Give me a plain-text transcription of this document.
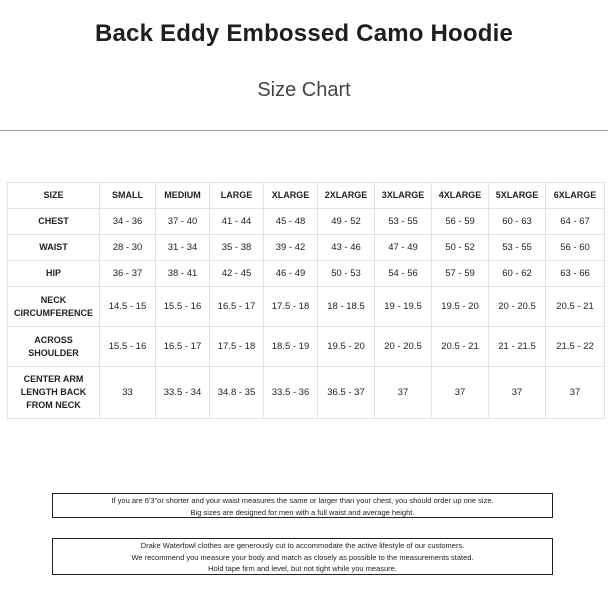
Back Eddy Embossed Camo Hoodie
Size Chart
SIZE	SMALL	MEDIUM	LARGE	XLARGE	2XLARGE	3XLARGE	4XLARGE	5XLARGE	6XLARGE
CHEST	34 - 36	37 - 40	41 - 44	45 - 48	49 - 52	53 - 55	56 - 59	60 - 63	64 - 67
WAIST	28 - 30	31 - 34	35 - 38	39 - 42	43 - 46	47 - 49	50 - 52	53 - 55	56 - 60
HIP	36 - 37	38 - 41	42 - 45	46 - 49	50 - 53	54 - 56	57 - 59	60 - 62	63 - 66
NECK CIRCUMFERENCE	14.5 - 15	15.5 - 16	16.5 - 17	17.5 - 18	18 - 18.5	19 - 19.5	19.5 - 20	20 - 20.5	20.5 - 21
ACROSS SHOULDER	15.5 - 16	16.5 - 17	17.5 - 18	18.5 - 19	19.5 - 20	20 - 20.5	20.5 - 21	21 - 21.5	21.5 - 22
CENTER ARM LENGTH BACK FROM NECK	33	33.5 - 34	34.8 - 35	33.5 - 36	36.5 - 37	37	37	37	37
If you are 6'3"or shorter and your waist measures the same or larger than your chest, you should order up one size.
Big sizes are designed for men with a full waist and average height.
Drake Waterfowl clothes are generously cut to accommodate the active lifestyle of our customers.
We recommend you measure your body and match as closely as possible to the measurements stated.
Hold tape firm and level, but not tight while you measure.
